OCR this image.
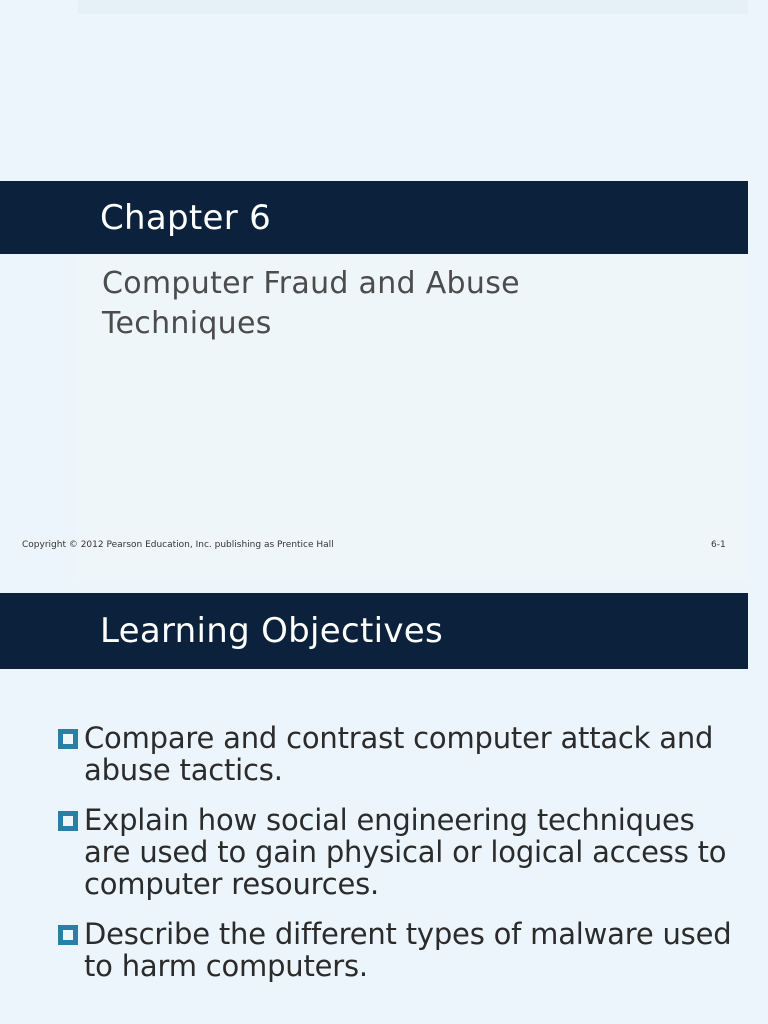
Chapter 6
Computer Fraud and Abuse Techniques
Copyright © 2012 Pearson Education, Inc. publishing as Prentice Hall	6-1
Learning Objectives
Compare and contrast computer attack and abuse tactics.
Explain how social engineering techniques are used to gain physical or logical access to computer resources.
Describe the different types of malware used to harm computers.
